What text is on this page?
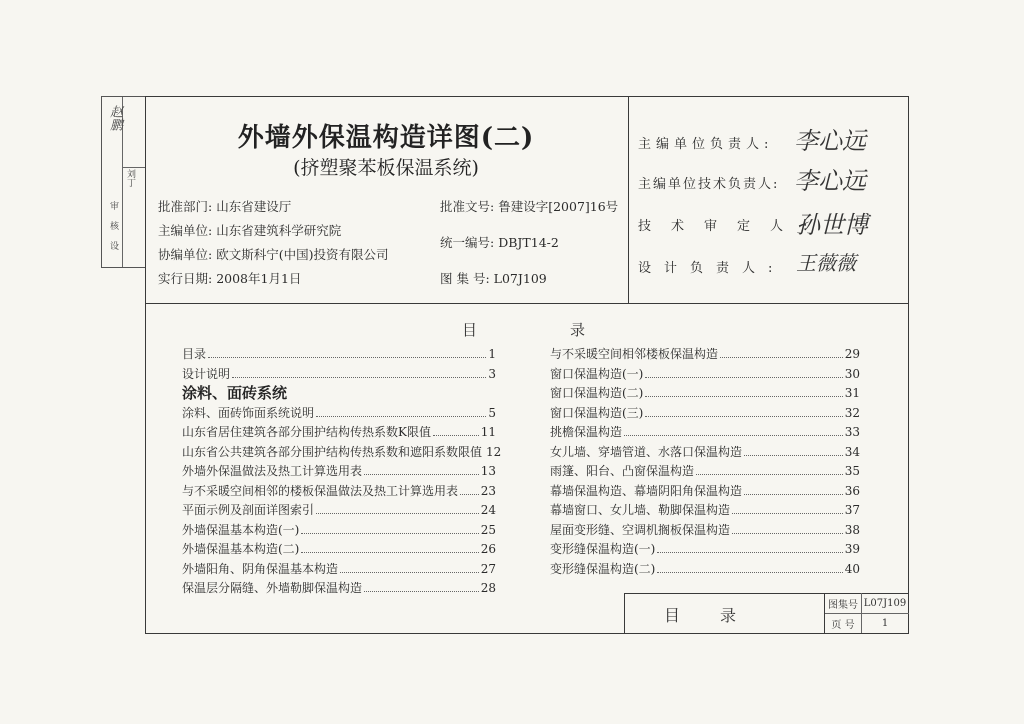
赵鹏
刘丁
审
核
设
外墙外保温构造详图(二)
(挤塑聚苯板保温系统)
批准部门: 山东省建设厅
主编单位: 山东省建筑科学研究院
协编单位: 欧文斯科宁(中国)投资有限公司
实行日期: 2008年1月1日
批准文号: 鲁建设字[2007]16号
统一编号: DBJT14-2
图 集 号: L07J109
主编单位负责人: 李心远
主编单位技术负责人: 李心远
技术审定人:
孙世博
设计负责人: 王薇薇
目	录
目录	1
设计说明	3
涂料、面砖系统
涂料、面砖饰面系统说明	5
山东省居住建筑各部分围护结构传热系数K限值	11
山东省公共建筑各部分围护结构传热系数和遮阳系数限值 12
外墙外保温做法及热工计算选用表	13
与不采暖空间相邻的楼板保温做法及热工计算选用表 23
平面示例及剖面详图索引	24
外墙保温基本构造(一)	25
外墙保温基本构造(二)	26
外墙阳角、阴角保温基本构造	27
保温层分隔缝、外墙勒脚保温构造	28
与不采暖空间相邻楼板保温构造	29
窗口保温构造(一)	30
窗口保温构造(二)	31
窗口保温构造(三)	32
挑檐保温构造	33
女儿墙、穿墙管道、水落口保温构造	34
雨篷、阳台、凸窗保温构造	35
幕墙保温构造、幕墙阴阳角保温构造	36
幕墙窗口、女儿墙、勒脚保温构造	37
屋面变形缝、空调机搁板保温构造	38
变形缝保温构造(一)	39
变形缝保温构造(二)	40
目录
图集号 L07J109
页 号	1
